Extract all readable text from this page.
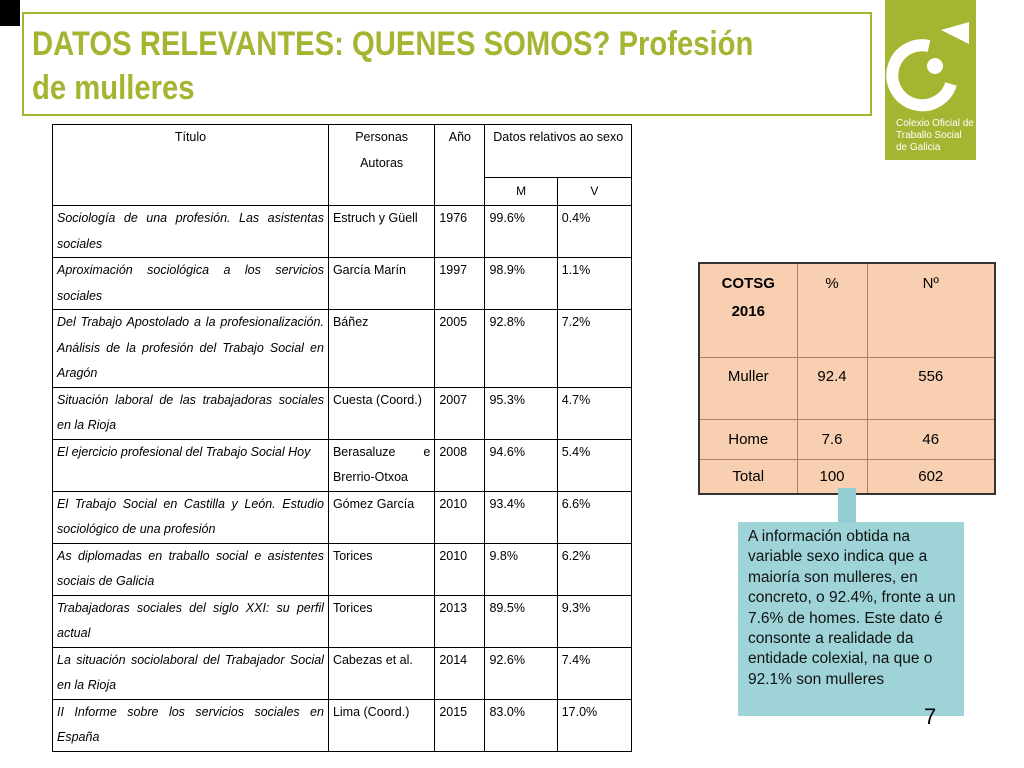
DATOS RELEVANTES: QUENES SOMOS? Profesión
de mulleres
Colexio Oficial de
Traballo Social
de Galicia
Título	Personas Autoras	Año	Datos relativos ao sexo	
			M	V
Sociología de una profesión. Las asistentas sociales	Estruch y Güell	1976	99.6%	0.4%
Aproximación sociológica a los servicios sociales	García Marín	1997	98.9%	1.1%
Del Trabajo Apostolado a la profesionalización. Análisis de la profesión del Trabajo Social en Aragón	Báñez	2005	92.8%	7.2%
Situación laboral de las trabajadoras sociales en la Rioja	Cuesta (Coord.)	2007	95.3%	4.7%
El ejercicio profesional del Trabajo Social Hoy	Berasaluze e Brerrio-Otxoa	2008	94.6%	5.4%
El Trabajo Social en Castilla y León. Estudio sociológico de una profesión	Gómez García	2010	93.4%	6.6%
As diplomadas en traballo social e asistentes sociais de Galicia	Torices	2010	9.8%	6.2%
Trabajadoras sociales del siglo XXI: su perfil actual	Torices	2013	89.5%	9.3%
La situación sociolaboral del Trabajador Social en la Rioja	Cabezas et al.	2014	92.6%	7.4%
II Informe sobre los servicios sociales en España	Lima (Coord.)	2015	83.0%	17.0%
COTSG 2016	%	Nº
Muller	92.4	556
Home	7.6	46
Total	100	602
A información obtida na variable sexo indica que a maioría son mulleres, en concreto, o 92.4%, fronte a un 7.6% de homes. Este dato é consonte a realidade da entidade colexial, na que o 92.1% son mulleres
7
